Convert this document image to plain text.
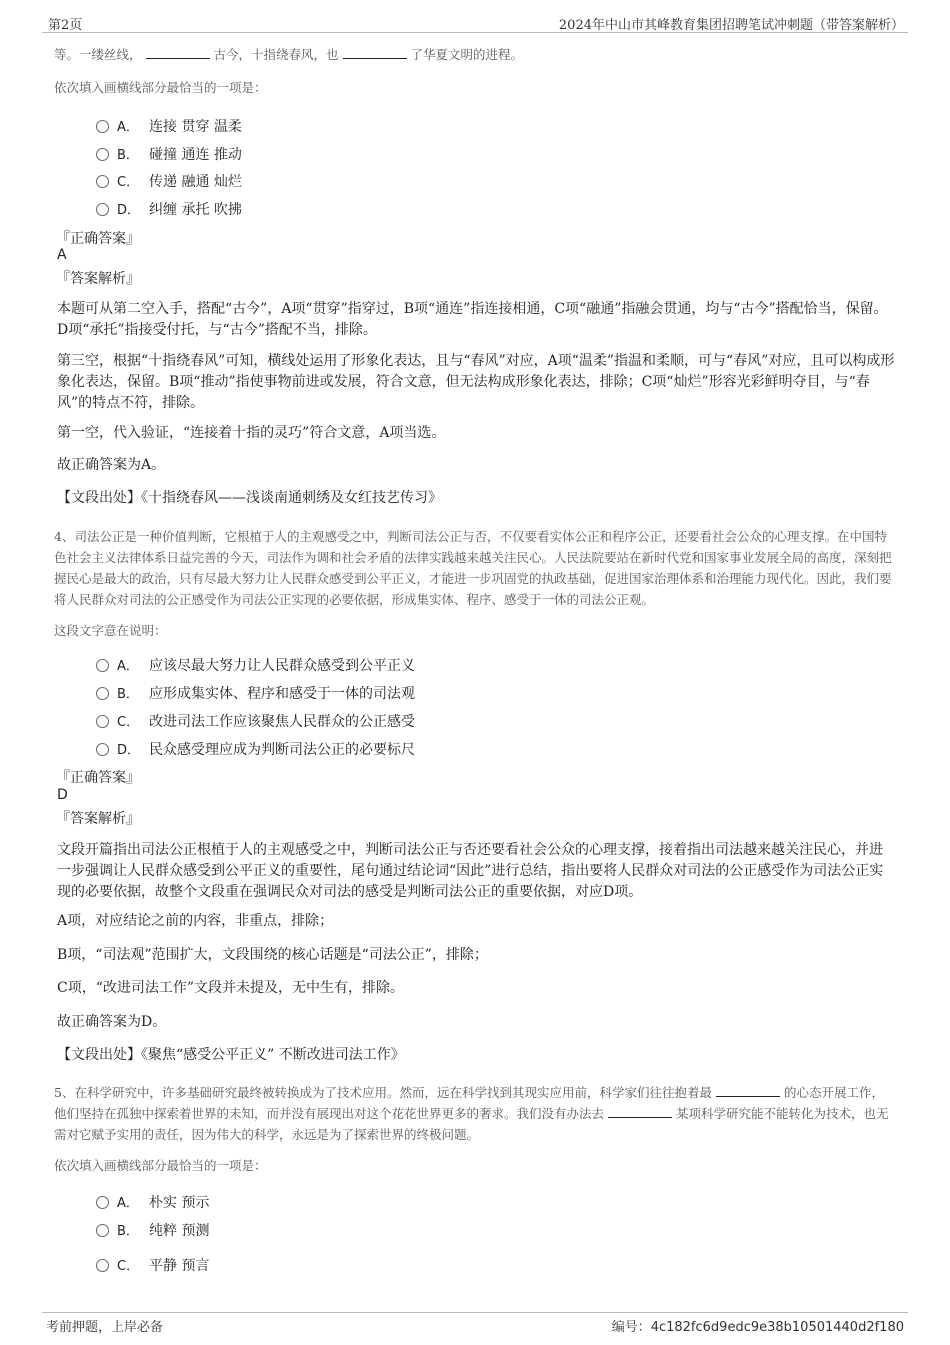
第2页	2024年中山市其峰教育集团招聘笔试冲刺题（带答案解析）
等。一缕丝线，	古今，十指绕春风，也	了华夏文明的进程。
依次填入画横线部分最恰当的一项是：
A． 连接 贯穿 温柔
B． 碰撞 通连 推动
C． 传递 融通 灿烂
D． 纠缠 承托 吹拂
『正确答案』
A
『答案解析』
本题可从第二空入手，搭配“古今”，A项“贯穿”指穿过，B项“通连”指连接相通，C项“融通”指融会贯通，均与“古今”搭配恰当，保留。D项“承托”指接受付托，与“古今”搭配不当，排除。
第三空，根据“十指绕春风”可知，横线处运用了形象化表达，且与“春风”对应，A项“温柔”指温和柔顺，可与“春风”对应，且可以构成形象化表达，保留。B项“推动”指使事物前进或发展，符合文意，但无法构成形象化表达，排除；C项“灿烂”形容光彩鲜明夺目，与“春风”的特点不符，排除。
第一空，代入验证，“连接着十指的灵巧”符合文意，A项当选。
故正确答案为A。
【文段出处】《十指绕春风——浅谈南通刺绣及女红技艺传习》
4、司法公正是一种价值判断，它根植于人的主观感受之中，判断司法公正与否，不仅要看实体公正和程序公正，还要看社会公众的心理支撑。在中国特色社会主义法律体系日益完善的今天，司法作为调和社会矛盾的法律实践越来越关注民心。人民法院要站在新时代党和国家事业发展全局的高度，深刻把握民心是最大的政治，只有尽最大努力让人民群众感受到公平正义，才能进一步巩固党的执政基础，促进国家治理体系和治理能力现代化。因此，我们要将人民群众对司法的公正感受作为司法公正实现的必要依据，形成集实体、程序、感受于一体的司法公正观。
这段文字意在说明：
A． 应该尽最大努力让人民群众感受到公平正义
B． 应形成集实体、程序和感受于一体的司法观
C． 改进司法工作应该聚焦人民群众的公正感受
D． 民众感受理应成为判断司法公正的必要标尺
『正确答案』
D
『答案解析』
文段开篇指出司法公正根植于人的主观感受之中，判断司法公正与否还要看社会公众的心理支撑，接着指出司法越来越关注民心，并进一步强调让人民群众感受到公平正义的重要性，尾句通过结论词“因此”进行总结，指出要将人民群众对司法的公正感受作为司法公正实现的必要依据，故整个文段重在强调民众对司法的感受是判断司法公正的重要依据，对应D项。
A项，对应结论之前的内容，非重点，排除；
B项，“司法观”范围扩大，文段围绕的核心话题是“司法公正”，排除；
C项，“改进司法工作”文段并未提及，无中生有，排除。
故正确答案为D。
【文段出处】《聚焦“感受公平正义” 不断改进司法工作》
5、在科学研究中，许多基础研究最终被转换成为了技术应用。然而，远在科学找到其现实应用前，科学家们往往抱着最	的心态开展工作，他们坚持在孤独中探索着世界的未知，而并没有展现出对这个花花世界更多的奢求。我们没有办法去	某项科学研究能不能转化为技术，也无需对它赋予实用的责任，因为伟大的科学，永远是为了探索世界的终极问题。
依次填入画横线部分最恰当的一项是：
A． 朴实 预示
B． 纯粹 预测
C． 平静 预言
考前押题，上岸必备	编号：4c182fc6d9edc9e38b10501440d2f180
